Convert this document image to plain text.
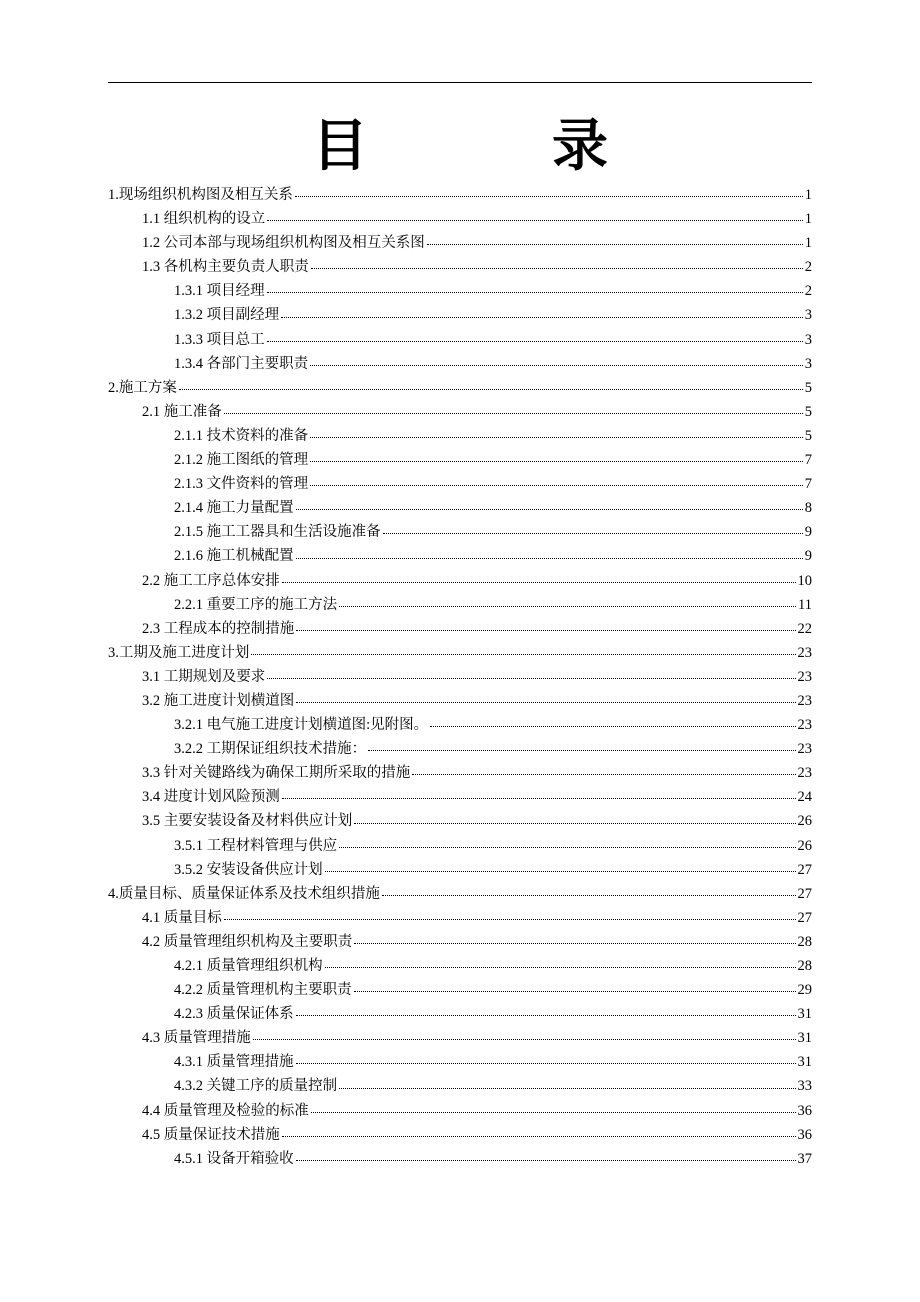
目　录
1.现场组织机构图及相互关系	1
1.1 组织机构的设立	1
1.2 公司本部与现场组织机构图及相互关系图	1
1.3 各机构主要负责人职责	2
1.3.1 项目经理	2
1.3.2 项目副经理	3
1.3.3 项目总工	3
1.3.4 各部门主要职责	3
2.施工方案	5
2.1 施工准备	5
2.1.1 技术资料的准备	5
2.1.2 施工图纸的管理	7
2.1.3 文件资料的管理	7
2.1.4 施工力量配置	8
2.1.5 施工工器具和生活设施准备	9
2.1.6 施工机械配置	9
2.2 施工工序总体安排	10
2.2.1 重要工序的施工方法	11
2.3 工程成本的控制措施	22
3.工期及施工进度计划	23
3.1 工期规划及要求	23
3.2 施工进度计划横道图	23
3.2.1 电气施工进度计划横道图:见附图。	23
3.2.2 工期保证组织技术措施：	23
3.3 针对关键路线为确保工期所采取的措施	23
3.4 进度计划风险预测	24
3.5 主要安装设备及材料供应计划	26
3.5.1 工程材料管理与供应	26
3.5.2 安装设备供应计划	27
4.质量目标、质量保证体系及技术组织措施	27
4.1 质量目标	27
4.2 质量管理组织机构及主要职责	28
4.2.1 质量管理组织机构	28
4.2.2 质量管理机构主要职责	29
4.2.3 质量保证体系	31
4.3 质量管理措施	31
4.3.1 质量管理措施	31
4.3.2 关键工序的质量控制	33
4.4 质量管理及检验的标准	36
4.5 质量保证技术措施	36
4.5.1 设备开箱验收	37
